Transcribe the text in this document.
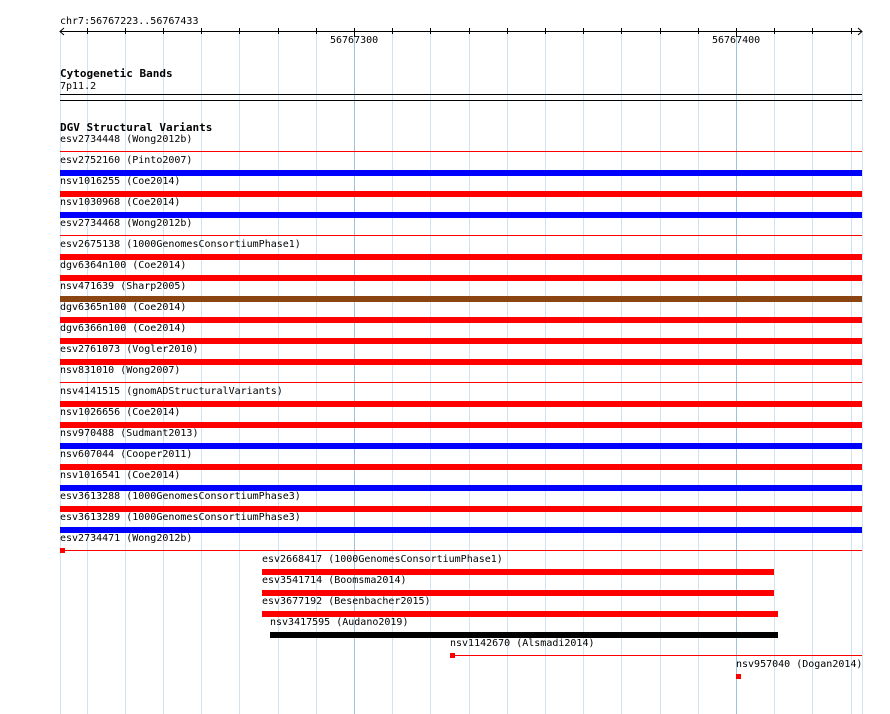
chr7:56767223..56767433
56767300	56767400
Cytogenetic Bands
7p11.2
DGV Structural Variants
esv2734448 (Wong2012b)
esv2752160 (Pinto2007)
nsv1016255 (Coe2014)
nsv1030968 (Coe2014)
esv2734468 (Wong2012b)
esv2675138 (1000GenomesConsortiumPhase1)
dgv6364n100 (Coe2014)
nsv471639 (Sharp2005)
dgv6365n100 (Coe2014)
dgv6366n100 (Coe2014)
esv2761073 (Vogler2010)
nsv831010 (Wong2007)
nsv4141515 (gnomADStructuralVariants)
nsv1026656 (Coe2014)
nsv970488 (Sudmant2013)
nsv607044 (Cooper2011)
nsv1016541 (Coe2014)
esv3613288 (1000GenomesConsortiumPhase3)
esv3613289 (1000GenomesConsortiumPhase3)
esv2734471 (Wong2012b)
esv2668417 (1000GenomesConsortiumPhase1)
esv3541714 (Boomsma2014)
esv3677192 (Besenbacher2015)
nsv3417595 (Audano2019)
nsv1142670 (Alsmadi2014)
nsv957040 (Dogan2014)
